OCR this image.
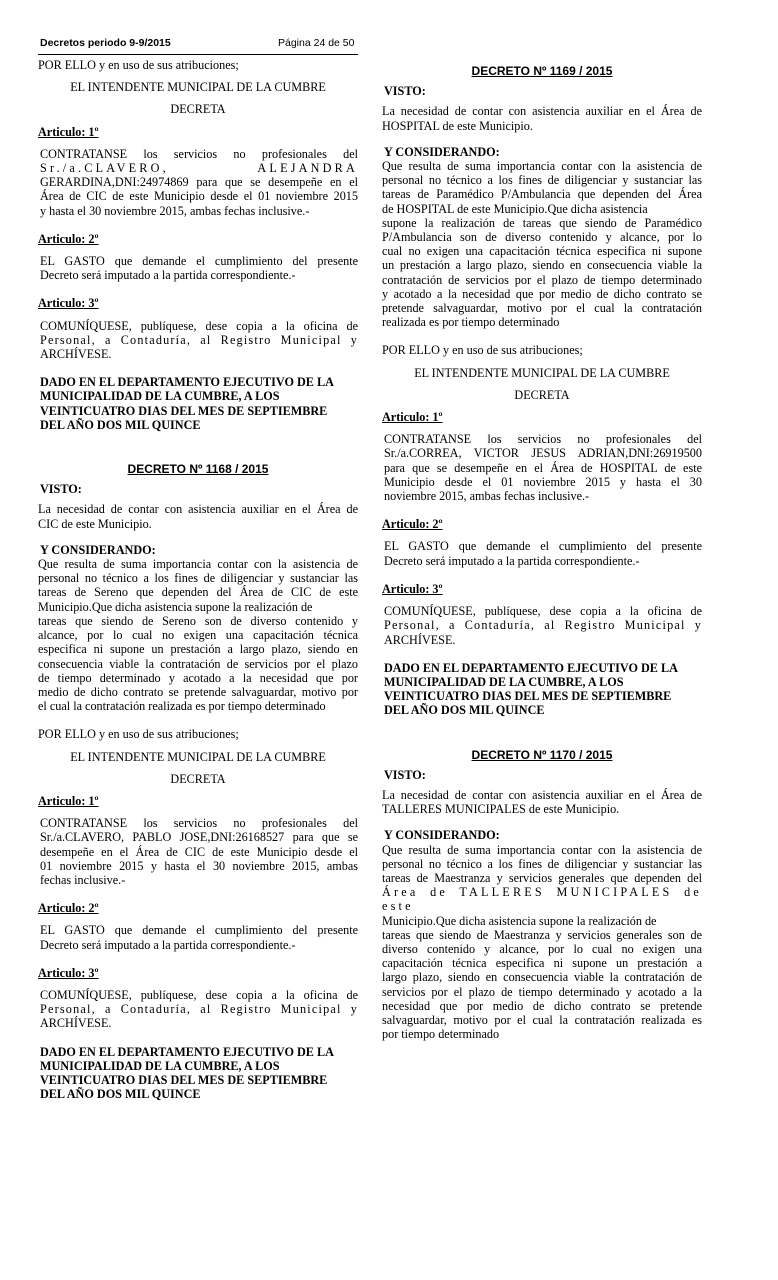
Decretos periodo 9-9/2015	Página 24 de 50

POR ELLO y en uso de sus atribuciones;

EL INTENDENTE MUNICIPAL DE LA CUMBRE

DECRETA

Articulo: 1º

CONTRATANSE los servicios no profesionales del

Sr./a.CLAVERO, ALEJANDRA

GERARDINA,DNI:24974869 para que se desempeñe en el

Área de CIC de este Municipio desde el 01 noviembre 2015

y hasta el 30 noviembre 2015, ambas fechas inclusive.-

Articulo: 2º

EL GASTO que demande el cumplimiento del presente

Decreto será imputado a la partida correspondiente.-

Articulo: 3º

COMUNÍQUESE, publíquese, dese copia a la oficina de

Personal, a Contaduría, al Registro Municipal y

ARCHÍVESE.

DADO EN EL DEPARTAMENTO EJECUTIVO DE LA

MUNICIPALIDAD DE LA CUMBRE, A LOS

VEINTICUATRO DIAS DEL MES DE SEPTIEMBRE

DEL AÑO DOS MIL QUINCE

DECRETO Nº 1168 / 2015

VISTO:

La necesidad de contar con asistencia auxiliar en el Área de

CIC de este Municipio.

Y CONSIDERANDO:

Que resulta de suma importancia contar con la asistencia de

personal no técnico a los fines de diligenciar y sustanciar las

tareas de Sereno que dependen del Área de CIC de este

Municipio.Que dicha asistencia supone la realización de

tareas que siendo de Sereno son de diverso contenido y

alcance, por lo cual no exigen una capacitación técnica

especifica ni supone un prestación a largo plazo, siendo en

consecuencia viable la contratación de servicios por el plazo

de tiempo determinado y acotado a la necesidad que por

medio de dicho contrato se pretende salvaguardar, motivo por

el cual la contratación realizada es por tiempo determinado

POR ELLO y en uso de sus atribuciones;

EL INTENDENTE MUNICIPAL DE LA CUMBRE

DECRETA

Articulo: 1º

CONTRATANSE los servicios no profesionales del

Sr./a.CLAVERO, PABLO JOSE,DNI:26168527 para que se

desempeñe en el Área de CIC de este Municipio desde el

01 noviembre 2015 y hasta el 30 noviembre 2015, ambas

fechas inclusive.-

Articulo: 2º

EL GASTO que demande el cumplimiento del presente

Decreto será imputado a la partida correspondiente.-

Articulo: 3º

COMUNÍQUESE, publíquese, dese copia a la oficina de

Personal, a Contaduría, al Registro Municipal y

ARCHÍVESE.

DADO EN EL DEPARTAMENTO EJECUTIVO DE LA

MUNICIPALIDAD DE LA CUMBRE, A LOS

VEINTICUATRO DIAS DEL MES DE SEPTIEMBRE

DEL AÑO DOS MIL QUINCE

DECRETO Nº 1169 / 2015

VISTO:

La necesidad de contar con asistencia auxiliar en el Área de

HOSPITAL de este Municipio.

Y CONSIDERANDO:

Que resulta de suma importancia contar con la asistencia de

personal no técnico a los fines de diligenciar y sustanciar las

tareas de Paramédico P/Ambulancia que dependen del Área

de HOSPITAL de este Municipio.Que dicha asistencia

supone la realización de tareas que siendo de Paramédico

P/Ambulancia son de diverso contenido y alcance, por lo

cual no exigen una capacitación técnica especifica ni supone

un prestación a largo plazo, siendo en consecuencia viable la

contratación de servicios por el plazo de tiempo determinado

y acotado a la necesidad que por medio de dicho contrato se

pretende salvaguardar, motivo por el cual la contratación

realizada es por tiempo determinado

POR ELLO y en uso de sus atribuciones;

EL INTENDENTE MUNICIPAL DE LA CUMBRE

DECRETA

Articulo: 1º

CONTRATANSE los servicios no profesionales del

Sr./a.CORREA, VICTOR JESUS ADRIAN,DNI:26919500

para que se desempeñe en el Área de HOSPITAL de este

Municipio desde el 01 noviembre 2015 y hasta el 30

noviembre 2015, ambas fechas inclusive.-

Articulo: 2º

EL GASTO que demande el cumplimiento del presente

Decreto será imputado a la partida correspondiente.-

Articulo: 3º

COMUNÍQUESE, publíquese, dese copia a la oficina de

Personal, a Contaduría, al Registro Municipal y

ARCHÍVESE.

DADO EN EL DEPARTAMENTO EJECUTIVO DE LA

MUNICIPALIDAD DE LA CUMBRE, A LOS

VEINTICUATRO DIAS DEL MES DE SEPTIEMBRE

DEL AÑO DOS MIL QUINCE

DECRETO Nº 1170 / 2015

VISTO:

La necesidad de contar con asistencia auxiliar en el Área de

TALLERES MUNICIPALES de este Municipio.

Y CONSIDERANDO:

Que resulta de suma importancia contar con la asistencia de

personal no técnico a los fines de diligenciar y sustanciar las

tareas de Maestranza y servicios generales que dependen del

Área de TALLERES MUNICIPALES de este

Municipio.Que dicha asistencia supone la realización de

tareas que siendo de Maestranza y servicios generales son de

diverso contenido y alcance, por lo cual no exigen una

capacitación técnica especifica ni supone un prestación a

largo plazo, siendo en consecuencia viable la contratación de

servicios por el plazo de tiempo determinado y acotado a la

necesidad que por medio de dicho contrato se pretende

salvaguardar, motivo por el cual la contratación realizada es

por tiempo determinado
